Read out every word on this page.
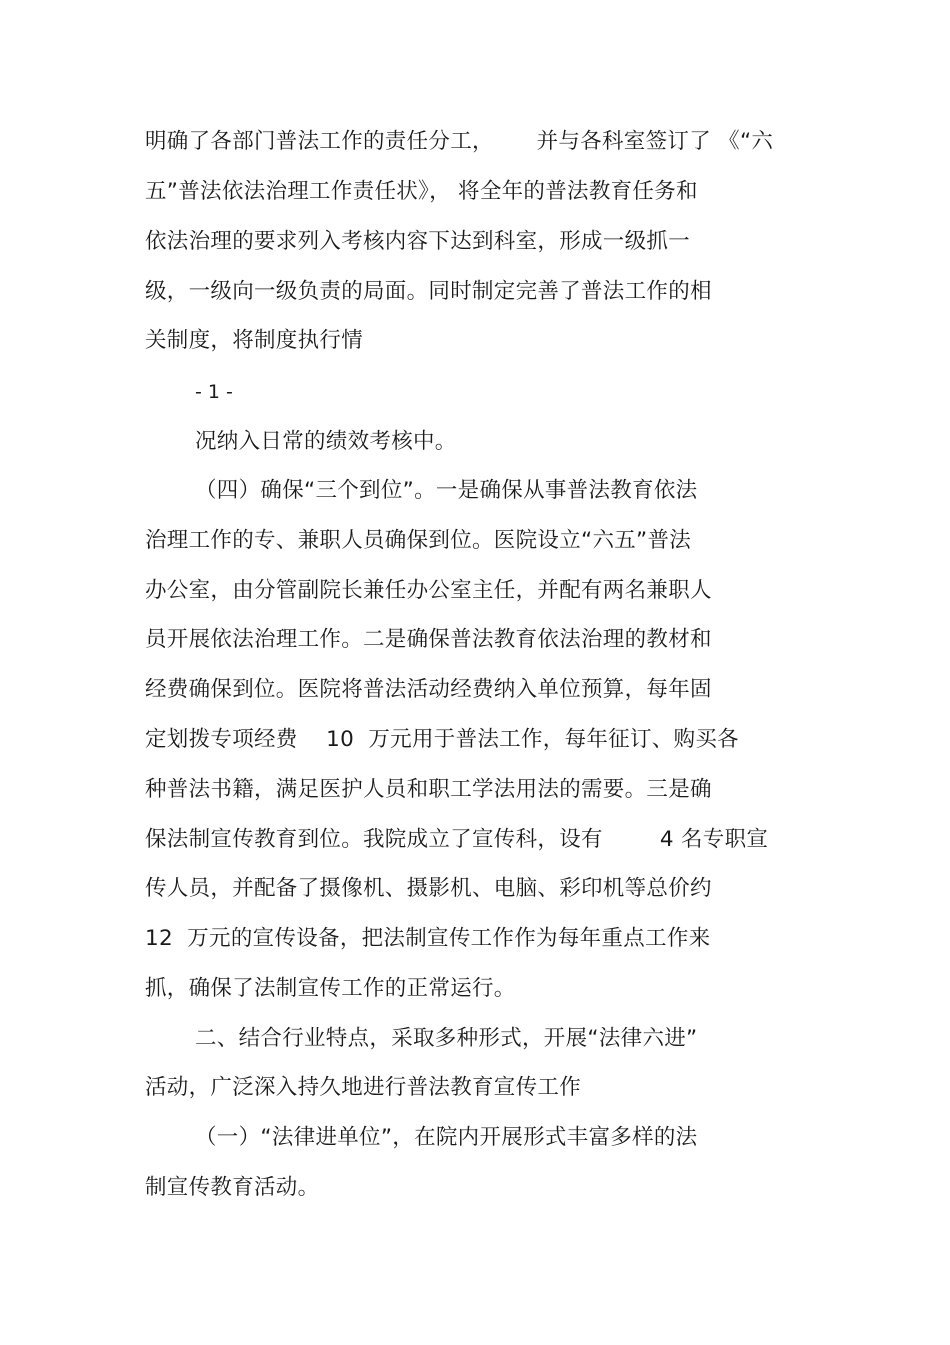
明确了各部门普法工作的责任分工，      并与各科室签订了 《“六
五”普法依法治理工作责任状》， 将全年的普法教育任务和
依法治理的要求列入考核内容下达到科室，形成一级抓一
级，一级向一级负责的局面。同时制定完善了普法工作的相
关制度，将制度执行情
- 1 -
况纳入日常的绩效考核中。
（四）确保“三个到位”。一是确保从事普法教育依法
治理工作的专、兼职人员确保到位。医院设立“六五”普法
办公室，由分管副院长兼任办公室主任，并配有两名兼职人
员开展依法治理工作。二是确保普法教育依法治理的教材和
经费确保到位。医院将普法活动经费纳入单位预算，每年固
定划拨专项经费    10  万元用于普法工作，每年征订、购买各
种普法书籍，满足医护人员和职工学法用法的需要。三是确
保法制宣传教育到位。我院成立了宣传科，设有        4 名专职宣
传人员，并配备了摄像机、摄影机、电脑、彩印机等总价约
12  万元的宣传设备，把法制宣传工作作为每年重点工作来
抓，确保了法制宣传工作的正常运行。
二、结合行业特点，采取多种形式，开展“法律六进”
活动，广泛深入持久地进行普法教育宣传工作
（一）“法律进单位”，在院内开展形式丰富多样的法
制宣传教育活动。
